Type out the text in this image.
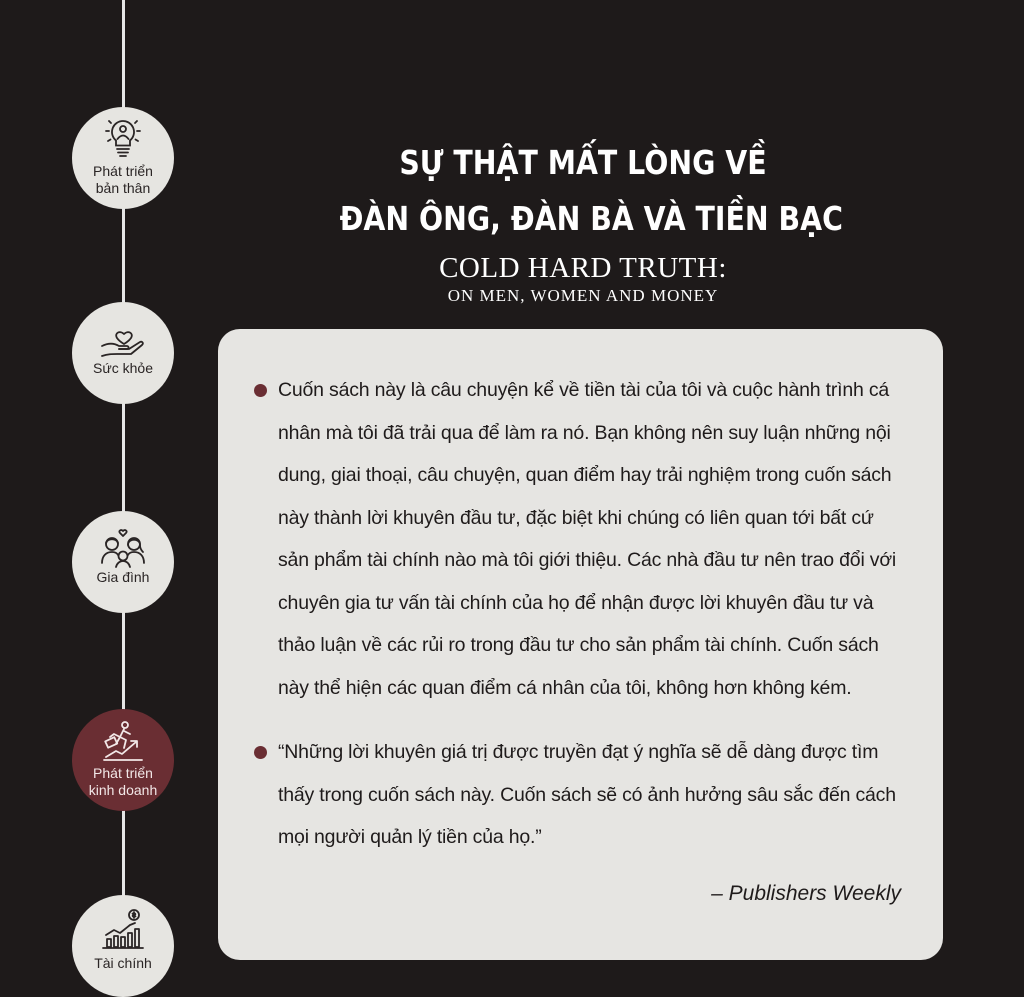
Phát triển
bản thân
Sức khỏe
Gia đình
Phát triển
kinh doanh
Tài chính
SỰ THẬT MẤT LÒNG VỀ
ĐÀN ÔNG, ĐÀN BÀ VÀ TIỀN BẠC
COLD HARD TRUTH:
ON MEN, WOMEN AND MONEY
Cuốn sách này là câu chuyện kể về tiền tài của tôi và cuộc hành trình cá nhân mà tôi đã trải qua để làm ra nó. Bạn không nên suy luận những nội dung, giai thoại, câu chuyện, quan điểm hay trải nghiệm trong cuốn sách này thành lời khuyên đầu tư, đặc biệt khi chúng có liên quan tới bất cứ sản phẩm tài chính nào mà tôi giới thiệu. Các nhà đầu tư nên trao đổi với chuyên gia tư vấn tài chính của họ để nhận được lời khuyên đầu tư và thảo luận về các rủi ro trong đầu tư cho sản phẩm tài chính. Cuốn sách này thể hiện các quan điểm cá nhân của tôi, không hơn không kém.
“Những lời khuyên giá trị được truyền đạt ý nghĩa sẽ dễ dàng được tìm thấy trong cuốn sách này. Cuốn sách sẽ có ảnh hưởng sâu sắc đến cách mọi người quản lý tiền của họ.”
– Publishers Weekly
